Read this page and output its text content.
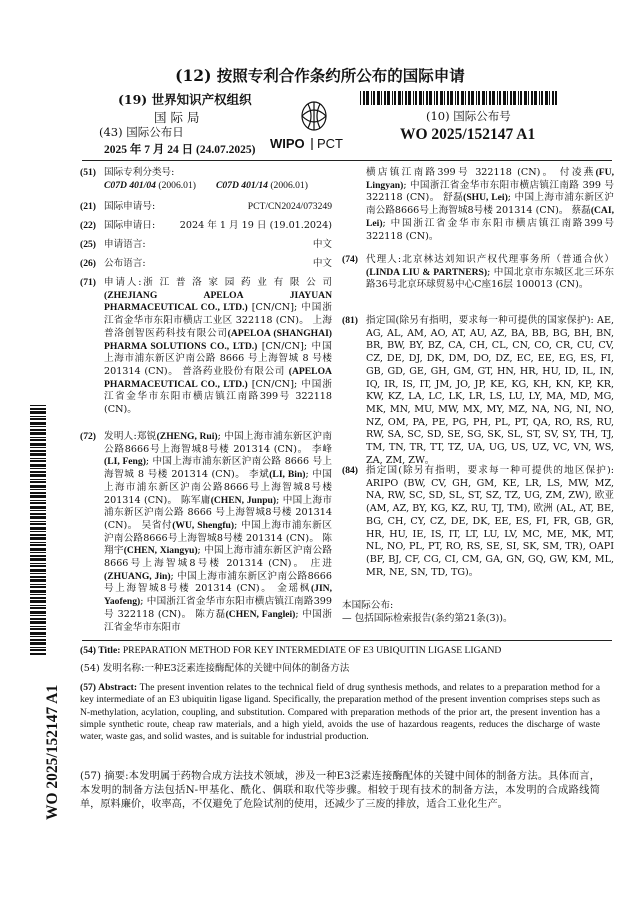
(12) 按照专利合作条约所公布的国际申请
(19) 世界知识产权组织
国 际 局
WIPO PCT
(43) 国际公布日
2025 年 7 月 24 日 (24.07.2025)
(10) 国际公布号
WO 2025/152147 A1
WO 2025/152147 A1
(51) 国际专利分类号:
C07D 401/04
(2006.01) C07D 401/14
(2006.01)
(21) 国际申请号:	PCT/CN2024/073249
(22) 国际申请日:	2024 年 1 月 19 日 (19.01.2024)
(25) 申请语言:	中文
(26) 公布语言:	中文
(71) 申请人:浙 江 普 洛 家 园 药 业 有 限 公 司 (ZHEJIANG APELOA JIAYUAN PHARMACEUTICAL CO., LTD.) [CN/CN]; 中国浙江省金华市东阳市横店工业区 322118 (CN)。 上海普洛创智医药科技有限公司(APELOA (SHANGHAI) PHARMA SOLUTIONS CO., LTD.) [CN/CN]; 中国上海市浦东新区沪南公路 8666 号上海智城 8 号楼 201314 (CN)。 普洛药业股份有限公司 (APELOA PHARMACEUTICAL CO., LTD.) [CN/CN]; 中国浙江省金华市东阳市横店镇江南路399号 322118 (CN)。
(72) 发明人:郑锐(ZHENG, Rui); 中国上海市浦东新区沪南公路8666号上海智城8号楼 201314 (CN)。 李峰(LI, Feng); 中国上海市浦东新区沪南公路 8666 号上海智城 8 号楼 201314 (CN)。 李斌(LI, Bin); 中国上海市浦东新区沪南公路8666号上海智城8号楼 201314 (CN)。 陈军庸(CHEN, Junpu); 中国上海市浦东新区沪南公路 8666 号上海智城8号楼 201314 (CN)。 吴省付(WU, Shengfu); 中国上海市浦东新区沪南公路8666号上海智城8号楼 201314 (CN)。 陈翔宇(CHEN, Xiangyu); 中国上海市浦东新区沪南公路8666号上海智城8号楼 201314 (CN)。 庄进(ZHUANG, Jin); 中国上海市浦东新区沪南公路8666号上海智城8号楼 201314 (CN)。 金瑶枫(JIN, Yaofeng); 中国浙江省金华市东阳市横店镇江南路399号 322118 (CN)。 陈方磊(CHEN, Fanglei); 中国浙江省金华市东阳市
横店镇江南路399号 322118 (CN)。 付凌燕(FU, Lingyan); 中国浙江省金华市东阳市横店镇江南路 399 号 322118 (CN)。 舒磊(SHU, Lei); 中国上海市浦东新区沪南公路8666号上海智城8号楼 201314 (CN)。 蔡磊(CAI, Lei); 中国浙江省金华市东阳市横店镇江南路399号 322118 (CN)。
(74) 代理人:北京林达刘知识产权代理事务所（普通合伙） (LINDA LIU & PARTNERS); 中国北京市东城区北三环东路36号北京环球贸易中心C座16层 100013 (CN)。
(81) 指定国(除另有指明，要求每一种可提供的国家保护): AE, AG, AL, AM, AO, AT, AU, AZ, BA, BB, BG, BH, BN, BR, BW, BY, BZ, CA, CH, CL, CN, CO, CR, CU, CV, CZ, DE, DJ, DK, DM, DO, DZ, EC, EE, EG, ES, FI, GB, GD, GE, GH, GM, GT, HN, HR, HU, ID, IL, IN, IQ, IR, IS, IT, JM, JO, JP, KE, KG, KH, KN, KP, KR, KW, KZ, LA, LC, LK, LR, LS, LU, LY, MA, MD, MG, MK, MN, MU, MW, MX, MY, MZ, NA, NG, NI, NO, NZ, OM, PA, PE, PG, PH, PL, PT, QA, RO, RS, RU, RW, SA, SC, SD, SE, SG, SK, SL, ST, SV, SY, TH, TJ, TM, TN, TR, TT, TZ, UA, UG, US, UZ, VC, VN, WS, ZA, ZM, ZW。
(84) 指定国(除另有指明，要求每一种可提供的地区保护): ARIPO (BW, CV, GH, GM, KE, LR, LS, MW, MZ, NA, RW, SC, SD, SL, ST, SZ, TZ, UG, ZM, ZW), 欧亚 (AM, AZ, BY, KG, KZ, RU, TJ, TM), 欧洲 (AL, AT, BE, BG, CH, CY, CZ, DE, DK, EE, ES, FI, FR, GB, GR, HR, HU, IE, IS, IT, LT, LU, LV, MC, ME, MK, MT, NL, NO, PL, PT, RO, RS, SE, SI, SK, SM, TR), OAPI (BF, BJ, CF, CG, CI, CM, GA, GN, GQ, GW, KM, ML, MR, NE, SN, TD, TG)。
本国际公布:
— 包括国际检索报告(条约第21条(3))。
(54) Title: PREPARATION METHOD FOR KEY INTERMEDIATE OF E3 UBIQUITIN LIGASE LIGAND
(54) 发明名称:一种E3泛素连接酶配体的关键中间体的制备方法
(57) Abstract: The present invention relates to the technical field of drug synthesis methods, and relates to a preparation method for a key intermediate of an E3 ubiquitin ligase ligand. Specifically, the preparation method of the present invention comprises steps such as N-methylation, acylation, coupling, and substitution. Compared with preparation methods of the prior art, the present invention has a simple synthetic route, cheap raw materials, and a high yield, avoids the use of hazardous reagents, reduces the discharge of waste water, waste gas, and solid wastes, and is suitable for industrial production.
(57) 摘要:本发明属于药物合成方法技术领域，涉及一种E3泛素连接酶配体的关键中间体的制备方法。具体而言，本发明的制备方法包括N-甲基化、酰化、偶联和取代等步骤。相较于现有技术的制备方法，本发明的合成路线简单，原料廉价，收率高，不仅避免了危险试剂的使用，还减少了三废的排放，适合工业化生产。
